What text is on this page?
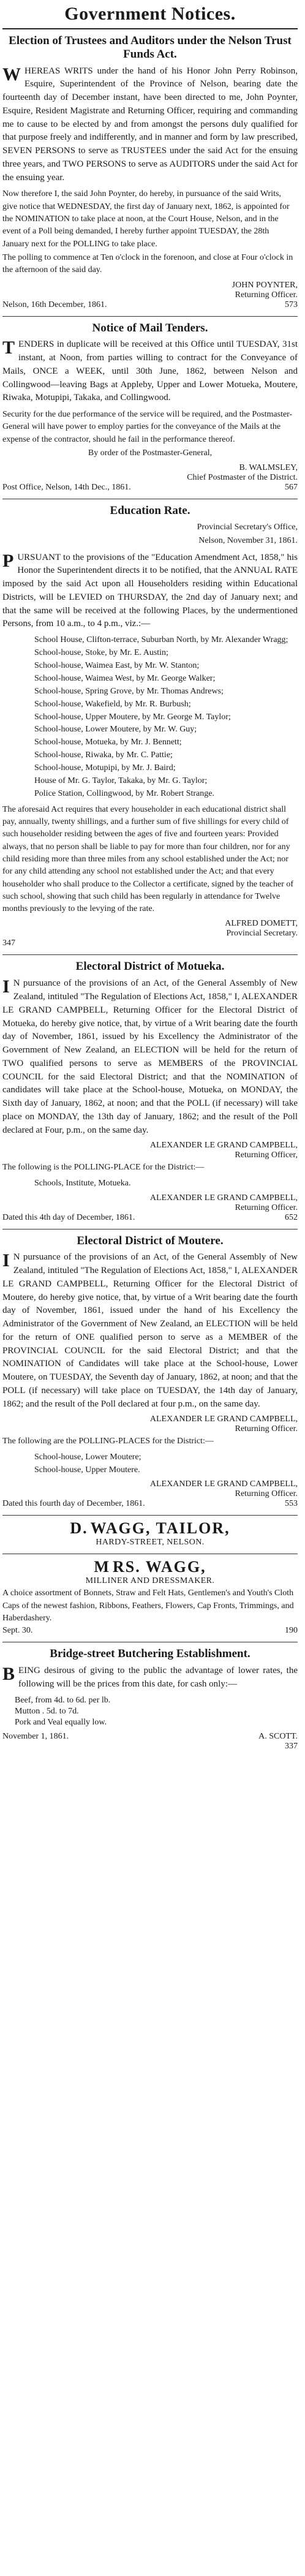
Government Notices.
Election of Trustees and Auditors under the Nelson Trust Funds Act.

W HEREAS WRITS under the hand of his Honor John Perry Robinson, Esquire, Superintendent of the Province of Nelson, bearing date the fourteenth day of December instant, have been directed to me, John Poynter, Esquire, Resident Magistrate and Returning Officer, requiring and commanding me to cause to be elected by and from amongst the persons duly qualified for that purpose freely and indifferently, and in manner and form by law prescribed, SEVEN PERSONS to serve as TRUSTEES under the said Act for the ensuing three years, and TWO PERSONS to serve as AUDITORS under the said Act for the ensuing year.

Now therefore I, the said John Poynter, do hereby, in pursuance of the said Writs, give notice that WEDNESDAY, the first day of January next, 1862, is appointed for the NOMINATION to take place at noon, at the Court House, Nelson, and in the event of a Poll being demanded, I hereby further appoint TUESDAY, the 28th January next for the POLLING to take place.

The polling to commence at Ten o'clock in the forenoon, and close at Four o'clock in the afternoon of the said day.

JOHN POYNTER,
Returning Officer.
Nelson, 16th December, 1861.	573
Notice of Mail Tenders.

T ENDERS in duplicate will be received at this Office until TUESDAY, 31st instant, at Noon, from parties willing to contract for the Conveyance of Mails, ONCE a WEEK, until 30th June, 1862, between Nelson and Collingwood—leaving Bags at Appleby, Upper and Lower Motueka, Moutere, Riwaka, Motupipi, Takaka, and Collingwood.

Security for the due performance of the service will be required, and the Postmaster-General will have power to employ parties for the conveyance of the Mails at the expense of the contractor, should he fail in the performance thereof.

By order of the Postmaster-General,
B. WALMSLEY,
Chief Postmaster of the District.
Post Office, Nelson, 14th Dec., 1861.	567
Education Rate.
Provincial Secretary's Office,
Nelson, November 31, 1861.

P URSUANT to the provisions of the "Education Amendment Act, 1858," his Honor the Superintendent directs it to be notified, that the ANNUAL RATE imposed by the said Act upon all Householders residing within Educational Districts, will be LEVIED on THURSDAY, the 2nd day of January next; and that the same will be received at the following Places, by the undermentioned Persons, from 10 a.m., to 4 p.m., viz.:—

School House, Clifton-terrace, Suburban North, by Mr. Alexander Wragg;
School-house, Stoke, by Mr. E. Austin;
School-house, Waimea East, by Mr. W. Stanton;
School-house, Waimea West, by Mr. George Walker;
School-house, Spring Grove, by Mr. Thomas Andrews;
School-house, Wakefield, by Mr. R. Burbush;
School-house, Upper Moutere, by Mr. George M. Taylor;
School-house, Lower Moutere, by Mr. W. Guy;
School-house, Motueka, by Mr. J. Bennett;
School-house, Riwaka, by Mr. C. Pattie;
School-house, Motupipi, by Mr. J. Baird;
House of Mr. G. Taylor, Takaka, by Mr. G. Taylor;
Police Station, Collingwood, by Mr. Robert Strange.

The aforesaid Act requires that every householder in each educational district shall pay, annually, twenty shillings, and a further sum of five shillings for every child of such householder residing between the ages of five and fourteen years: Provided always, that no person shall be liable to pay for more than four children, nor for any child residing more than three miles from any school established under the Act; nor for any child attending any school not established under the Act; and that every householder who shall produce to the Collector a certificate, signed by the teacher of such school, showing that such child has been regularly in attendance for Twelve months previously to the levying of the rate.

ALFRED DOMETT,
Provincial Secretary.
347
Electoral District of Motueka.

I N pursuance of the provisions of an Act, of the General Assembly of New Zealand, intituled "The Regulation of Elections Act, 1858," I, ALEXANDER LE GRAND CAMPBELL, Returning Officer for the Electoral District of Motueka, do hereby give notice, that, by virtue of a Writ bearing date the fourth day of November, 1861, issued by his Excellency the Administrator of the Government of New Zealand, an ELECTION will be held for the return of TWO qualified persons to serve as MEMBERS of the PROVINCIAL COUNCIL for the said Electoral District; and that the NOMINATION of candidates will take place at the School-house, Motueka, on MONDAY, the Sixth day of January, 1862, at noon; and that the POLL (if necessary) will take place on MONDAY, the 13th day of January, 1862; and the result of the Poll declared at Four, p.m., on the same day.

ALEXANDER LE GRAND CAMPBELL,
Returning Officer,

The following is the POLLING-PLACE for the District:—

Schools, Institute, Motueka.
ALEXANDER LE GRAND CAMPBELL,
Returning Officer.
Dated this 4th day of December, 1861.	652
Electoral District of Moutere.

I N pursuance of the provisions of an Act, of the General Assembly of New Zealand, intituled "The Regulation of Elections Act, 1858," I, ALEXANDER LE GRAND CAMPBELL, Returning Officer for the Electoral District of Moutere, do hereby give notice, that, by virtue of a Writ bearing date the fourth day of November, 1861, issued under the hand of his Excellency the Administrator of the Government of New Zealand, an ELECTION will be held for the return of ONE qualified person to serve as a MEMBER of the PROVINCIAL COUNCIL for the said Electoral District; and that the NOMINATION of Candidates will take place at the School-house, Lower Moutere, on TUESDAY, the Seventh day of January, 1862, at noon; and that the POLL (if necessary) will take place on TUESDAY, the 14th day of January, 1862; and the result of the Poll declared at four p.m., on the same day.

ALEXANDER LE GRAND CAMPBELL,
Returning Officer.

The following are the POLLING-PLACES for the District:—

School-house, Lower Moutere;
School-house, Upper Moutere.
ALEXANDER LE GRAND CAMPBELL,
Returning Officer.
Dated this fourth day of December, 1861.	553
D. WAGG, TAILOR,
HARDY-STREET, NELSON.
M RS. WAGG,
MILLINER AND DRESSMAKER.

A choice assortment of Bonnets, Straw and Felt Hats, Gentlemen's and Youth's Cloth Caps of the newest fashion, Ribbons, Feathers, Flowers, Cap Fronts, Trimmings, and Haberdashery.

Sept. 30.	190
Bridge-street Butchering Establishment.

B EING desirous of giving to the public the advantage of lower rates, the following will be the prices from this date, for cash only:—

Beef, from 4d. to 6d. per lb.
Mutton . 5d. to 7d.
Pork and Veal equally low.
November 1, 1861.	A. SCOTT.
337
